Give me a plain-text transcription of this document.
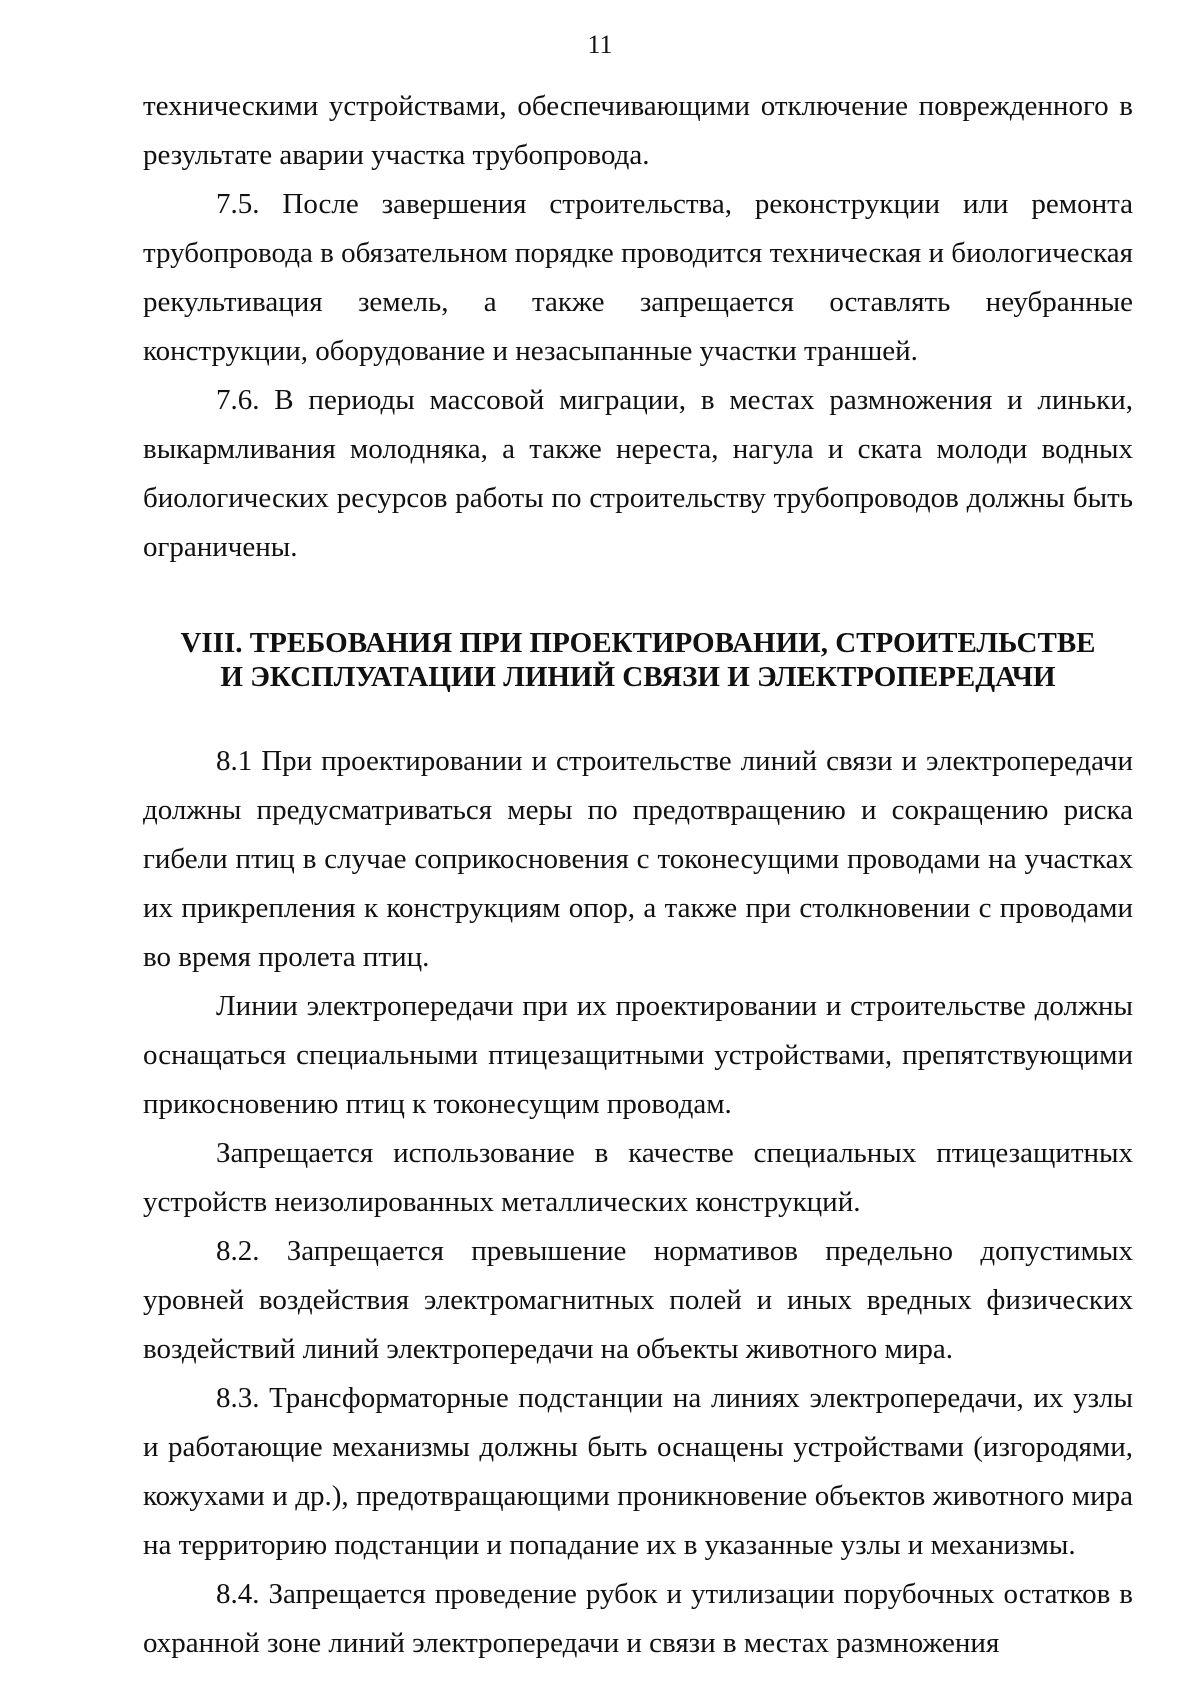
11

техническими устройствами, обеспечивающими отключение поврежденного в результате аварии участка трубопровода.

7.5. После завершения строительства, реконструкции или ремонта трубопровода в обязательном порядке проводится техническая и биологическая рекультивация земель, а также запрещается оставлять неубранные конструкции, оборудование и незасыпанные участки траншей.

7.6. В периоды массовой миграции, в местах размножения и линьки, выкармливания молодняка, а также нереста, нагула и ската молоди водных биологических ресурсов работы по строительству трубопроводов должны быть ограничены.

VIII. ТРЕБОВАНИЯ ПРИ ПРОЕКТИРОВАНИИ, СТРОИТЕЛЬСТВЕ
И ЭКСПЛУАТАЦИИ ЛИНИЙ СВЯЗИ И ЭЛЕКТРОПЕРЕДАЧИ

8.1 При проектировании и строительстве линий связи и электропередачи должны предусматриваться меры по предотвращению и сокращению риска гибели птиц в случае соприкосновения с токонесущими проводами на участках их прикрепления к конструкциям опор, а также при столкновении с проводами во время пролета птиц.

Линии электропередачи при их проектировании и строительстве должны оснащаться специальными птицезащитными устройствами, препятствующими прикосновению птиц к токонесущим проводам.

Запрещается использование в качестве специальных птицезащитных устройств неизолированных металлических конструкций.

8.2. Запрещается превышение нормативов предельно допустимых уровней воздействия электромагнитных полей и иных вредных физических воздействий линий электропередачи на объекты животного мира.

8.3. Трансформаторные подстанции на линиях электропередачи, их узлы и работающие механизмы должны быть оснащены устройствами (изгородями, кожухами и др.), предотвращающими проникновение объектов животного мира на территорию подстанции и попадание их в указанные узлы и механизмы.

8.4. Запрещается проведение рубок и утилизации порубочных остатков в охранной зоне линий электропередачи и связи в местах размножения
